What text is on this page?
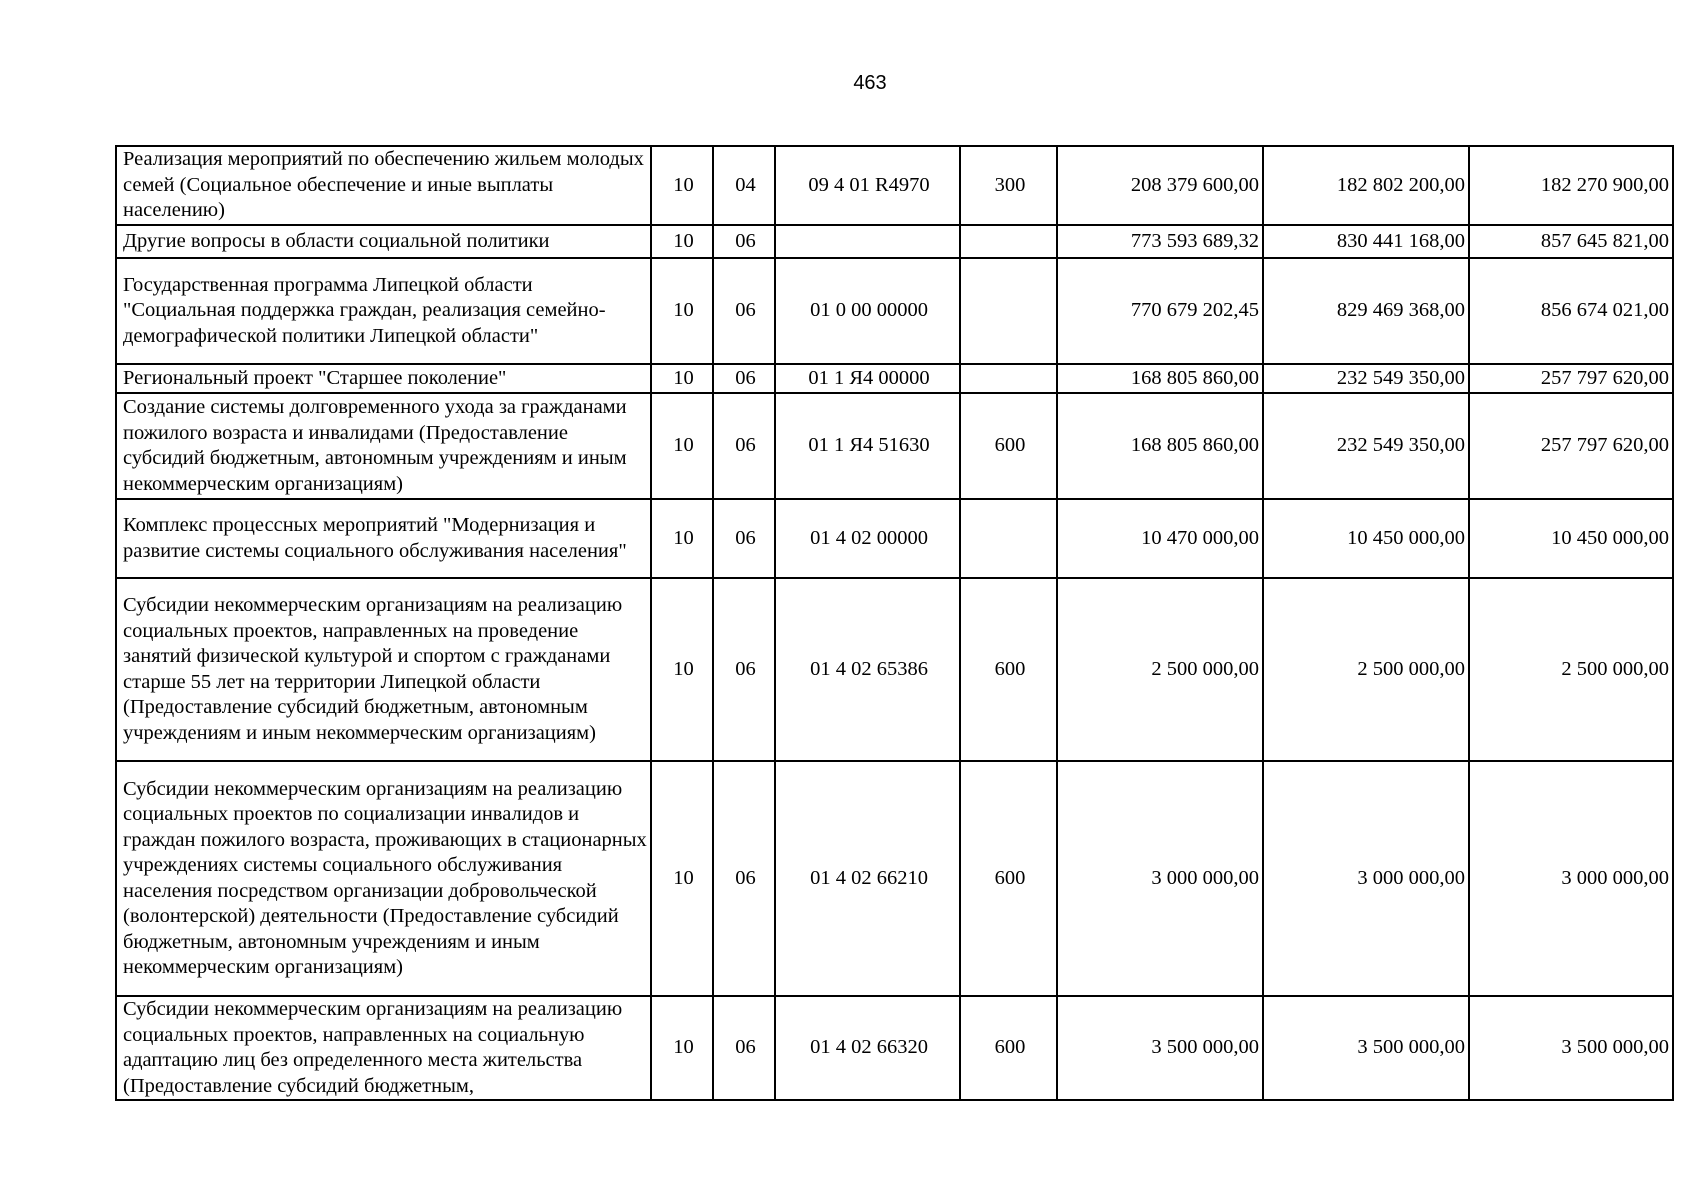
463
Реализация мероприятий по обеспечению жильем молодых семей (Социальное обеспечение и иные выплаты населению)	10	04	09 4 01 R4970	300	208 379 600,00	182 802 200,00	182 270 900,00
Другие вопросы в области социальной политики	10	06			773 593 689,32	830 441 168,00	857 645 821,00
Государственная программа Липецкой области "Социальная поддержка граждан, реализация семейно-демографической политики Липецкой области"	10	06	01 0 00 00000		770 679 202,45	829 469 368,00	856 674 021,00
Региональный проект "Старшее поколение"	10	06	01 1 Я4 00000		168 805 860,00	232 549 350,00	257 797 620,00
Создание системы долговременного ухода за гражданами пожилого возраста и инвалидами (Предоставление субсидий бюджетным, автономным учреждениям и иным некоммерческим организациям)	10	06	01 1 Я4 51630	600	168 805 860,00	232 549 350,00	257 797 620,00
Комплекс процессных мероприятий "Модернизация и развитие системы социального обслуживания населения"	10	06	01 4 02 00000		10 470 000,00	10 450 000,00	10 450 000,00
Субсидии некоммерческим организациям на реализацию социальных проектов, направленных на проведение занятий физической культурой и спортом с гражданами старше 55 лет на территории Липецкой области (Предоставление субсидий бюджетным, автономным учреждениям и иным некоммерческим организациям)	10	06	01 4 02 65386	600	2 500 000,00	2 500 000,00	2 500 000,00
Субсидии некоммерческим организациям на реализацию социальных проектов по социализации инвалидов и граждан пожилого возраста, проживающих в стационарных учреждениях системы социального обслуживания населения посредством организации добровольческой (волонтерской) деятельности (Предоставление субсидий бюджетным, автономным учреждениям и иным некоммерческим организациям)	10	06	01 4 02 66210	600	3 000 000,00	3 000 000,00	3 000 000,00
Субсидии некоммерческим организациям на реализацию социальных проектов, направленных на социальную адаптацию лиц без определенного места жительства (Предоставление субсидий бюджетным,	10	06	01 4 02 66320	600	3 500 000,00	3 500 000,00	3 500 000,00
